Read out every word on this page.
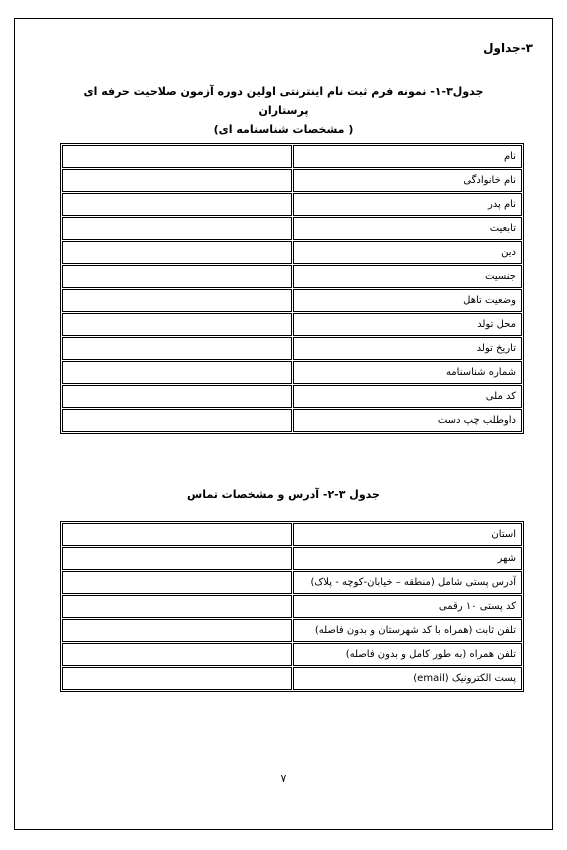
۳-جداول
جدول۳-۱- نمونه فرم ثبت نام اینترنتی اولین دوره آزمون صلاحیت حرفه ای پرستاران
( مشخصات شناسنامه ای)
نام	
نام خانوادگی	
نام پدر	
تابعیت	
دین	
جنسیت	
وضعیت تاهل	
محل تولد	
تاریخ تولد	
شماره شناسنامه	
کد ملی	
داوطلب چپ دست	
جدول ۳-۲- آدرس و مشخصات تماس
استان	
شهر	
آدرس پستی شامل (منطقه – خیابان-کوچه - پلاک)	
کد پستی ۱۰ رقمی	
تلفن ثابت (همراه با کد شهرستان و بدون فاصله)	
تلفن همراه (به طور کامل و بدون فاصله)	
پست الکترونیک (email)	
۷
